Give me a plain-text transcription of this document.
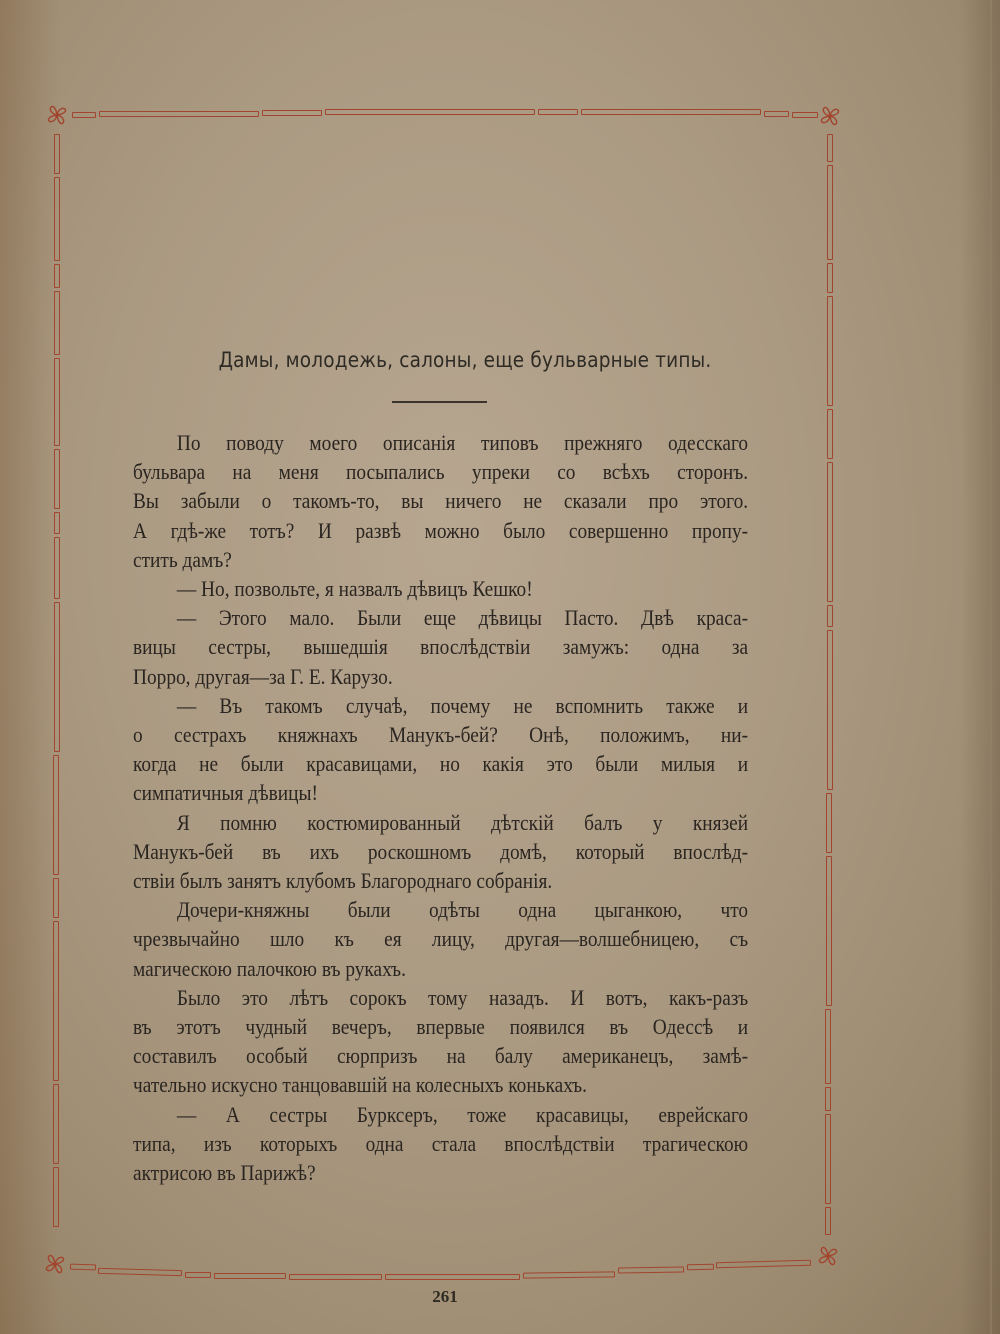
Дамы, молодежь, салоны, еще бульварные типы.
По поводу моего описанія типовъ прежняго одесскаго
бульвара на меня посыпались упреки со всѣхъ сторонъ.
Вы забыли о такомъ-то, вы ничего не сказали про этого.
А гдѣ-же тотъ? И развѣ можно было совершенно пропу-
стить дамъ?
— Но, позвольте, я назвалъ дѣвицъ Кешко!
— Этого мало. Были еще дѣвицы Пасто. Двѣ краса-
вицы сестры, вышедшія впослѣдствіи замужъ: одна за
Порро, другая—за Г. Е. Карузо.
— Въ такомъ случаѣ, почему не вспомнить также и
о сестрахъ княжнахъ Манукъ-бей? Онѣ, положимъ, ни-
когда не были красавицами, но какія это были милыя и
симпатичныя дѣвицы!
Я помню костюмированный дѣтскій балъ у князей
Манукъ-бей въ ихъ роскошномъ домѣ, который впослѣд-
ствіи былъ занятъ клубомъ Благороднаго собранія.
Дочери-княжны были одѣты одна цыганкою, что
чрезвычайно шло къ ея лицу, другая—волшебницею, съ
магическою палочкою въ рукахъ.
Было это лѣтъ сорокъ тому назадъ. И вотъ, какъ-разъ
въ этотъ чудный вечеръ, впервые появился въ Одессѣ и
составилъ особый сюрпризъ на балу американецъ, замѣ-
чательно искусно танцовавшій на колесныхъ конькахъ.
— А сестры Бурксеръ, тоже красавицы, еврейскаго
типа, изъ которыхъ одна стала впослѣдствіи трагическою
актрисою въ Парижѣ?
261
